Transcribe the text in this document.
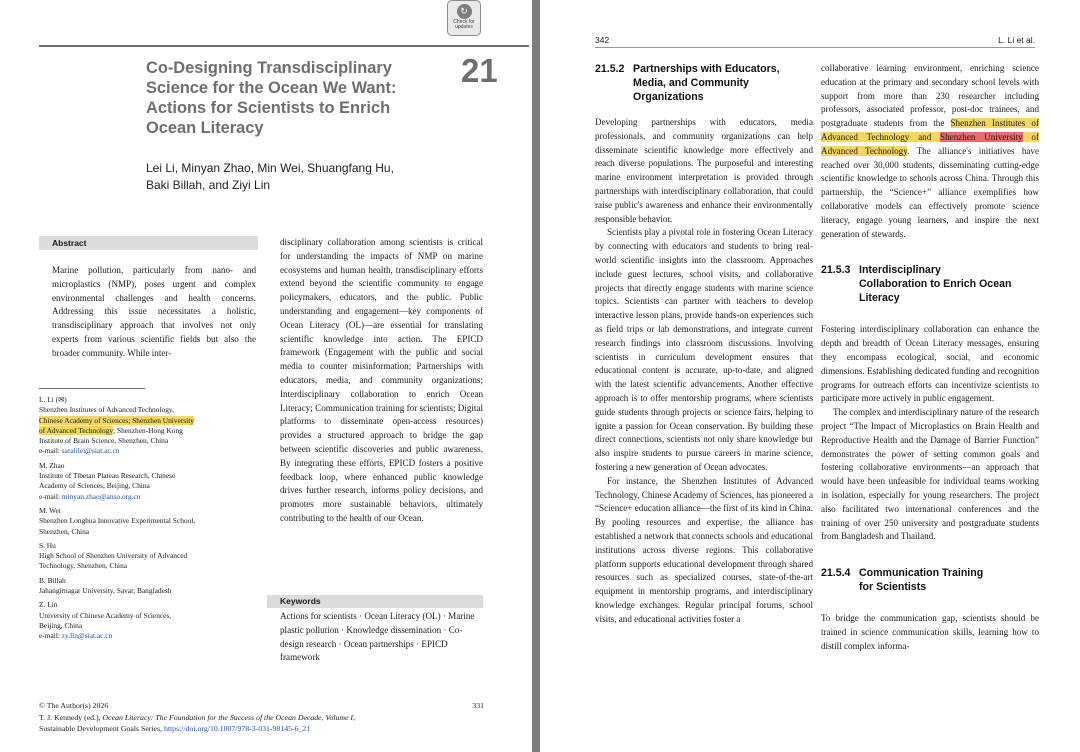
↻
Check for updates
Co-Designing Transdisciplinary Science for the Ocean We Want: Actions for Scientists to Enrich Ocean Literacy
21
Lei Li, Minyan Zhao, Min Wei, Shuangfang Hu,
Baki Billah, and Ziyi Lin
Abstract
Marine pollution, particularly from nano- and microplastics (NMP), poses urgent and complex environmental challenges and health concerns. Addressing this issue necessitates a holistic, transdisciplinary approach that involves not only experts from various scientific fields but also the broader community. While inter-
disciplinary collaboration among scientists is critical for understanding the impacts of NMP on marine ecosystems and human health, transdisciplinary efforts extend beyond the scientific community to engage policymakers, educators, and the public. Public understanding and engagement—key components of Ocean Literacy (OL)—are essential for translating scientific knowledge into action. The EPICD framework (Engagement with the public and social media to counter misinformation; Partnerships with educators, media, and community organizations; Interdisciplinary collaboration to enrich Ocean Literacy; Communication training for scientists; Digital platforms to disseminate open-access resources) provides a structured approach to bridge the gap between scientific discoveries and public awareness. By integrating these efforts, EPICD fosters a positive feedback loop, where enhanced public knowledge drives further research, informs policy decisions, and promotes more sustainable behaviors, ultimately contributing to the health of our Ocean.
L. Li (✉)
Shenzhen Institutes of Advanced Technology,
Chinese Academy of Sciences; Shenzhen University
of Advanced Technology; Shenzhen-Hong Kong
Institute of Brain Science, Shenzhen, China
e-mail: saralilei@siat.ac.cn
M. Zhao
Institute of Tibetan Plateau Research, Chinese
Academy of Sciences, Beijing, China
e-mail: minyan.zhao@anso.org.cn
M. Wei
Shenzhen Longhua Innovative Experimental School,
Shenzhen, China
S. Hu
High School of Shenzhen University of Advanced
Technology, Shenzhen, China
B. Billah
Jahangirnagar University, Savar, Bangladesh
Z. Lin
University of Chinese Academy of Sciences,
Beijing, China
e-mail: zy.lin@siat.ac.cn
Keywords
Actions for scientists · Ocean Literacy (OL) · Marine plastic pollution · Knowledge dissemination · Co-design research · Ocean partnerships · EPICD framework
© The Author(s) 2026	331
T. J. Kennedy (ed.), Ocean Literacy: The Foundation for the Success of the Ocean Decade, Volume I,
Sustainable Development Goals Series, https://doi.org/10.1007/978-3-031-98145-6_21
342	L. Li et al.
21.5.2 Partnerships with Educators,
Media, and Community
Organizations

Developing partnerships with educators, media professionals, and community organizations can help disseminate scientific knowledge more effectively and reach diverse populations. The purposeful and interesting marine environment interpretation is provided through partnerships with interdisciplinary collaboration, that could raise public's awareness and enhance their environmentally responsible behavior.

Scientists play a pivotal role in fostering Ocean Literacy by connecting with educators and students to bring real-world scientific insights into the classroom. Approaches include guest lectures, school visits, and collaborative projects that directly engage students with marine science topics. Scientists can partner with teachers to develop interactive lesson plans, provide hands-on experiences such as field trips or lab demonstrations, and integrate current research findings into classroom discussions. Involving scientists in curriculum development ensures that educational content is accurate, up-to-date, and aligned with the latest scientific advancements. Another effective approach is to offer mentorship programs, where scientists guide students through projects or science fairs, helping to ignite a passion for Ocean conservation. By building these direct connections, scientists not only share knowledge but also inspire students to pursue careers in marine science, fostering a new generation of Ocean advocates.

For instance, the Shenzhen Institutes of Advanced Technology, Chinese Academy of Sciences, has pioneered a “Science+ education alliance—the first of its kind in China. By pooling resources and expertise, the alliance has established a network that connects schools and educational institutions across diverse regions. This collaborative platform supports educational development through shared resources such as specialized courses, state-of-the-art equipment in mentorship programs, and interdisciplinary knowledge exchanges. Regular principal forums, school visits, and educational activities foster a

collaborative learning environment, enriching science education at the primary and secondary school levels with support from more than 230 researcher including professors, associated professor, post-doc trainees, and postgraduate students from the Shenzhen Institutes of Advanced Technology and Shenzhen University of Advanced Technology. The alliance's initiatives have reached over 30,000 students, disseminating cutting-edge scientific knowledge to schools across China. Through this partnership, the “Science+” alliance exemplifies how collaborative models can effectively promote science literacy, engage young learners, and inspire the next generation of stewards.

21.5.3 Interdisciplinary
Collaboration to Enrich Ocean
Literacy

Fostering interdisciplinary collaboration can enhance the depth and breadth of Ocean Literacy messages, ensuring they encompass ecological, social, and economic dimensions. Establishing dedicated funding and recognition programs for outreach efforts can incentivize scientists to participate more actively in public engagement.

The complex and interdisciplinary nature of the research project “The Impact of Microplastics on Brain Health and Reproductive Health and the Damage of Barrier Function” demonstrates the power of setting common goals and fostering collaborative environments—an approach that would have been unfeasible for individual teams working in isolation, especially for young researchers. The project also facilitated two international conferences and the training of over 250 university and postgraduate students from Bangladesh and Thailand.

21.5.4 Communication Training
for Scientists

To bridge the communication gap, scientists should be trained in science communication skills, learning how to distill complex informa-
